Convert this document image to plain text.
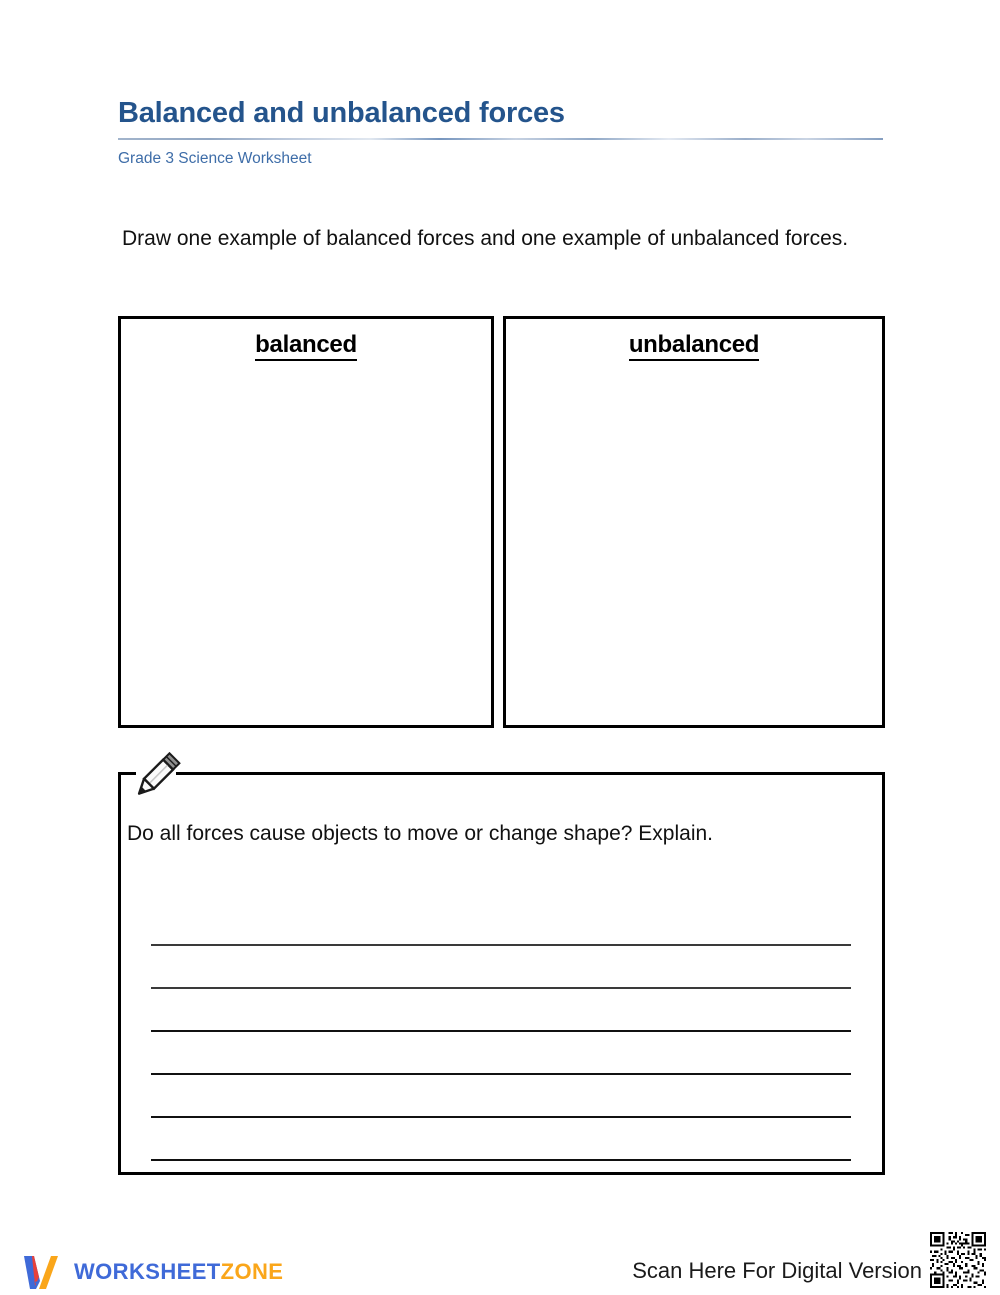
Balanced and unbalanced forces
Grade 3 Science Worksheet
Draw one example of balanced forces and one example of unbalanced forces.
balanced	unbalanced
Do all forces cause objects to move or change shape? Explain.
WORKSHEETZONE	Scan Here For Digital Version
